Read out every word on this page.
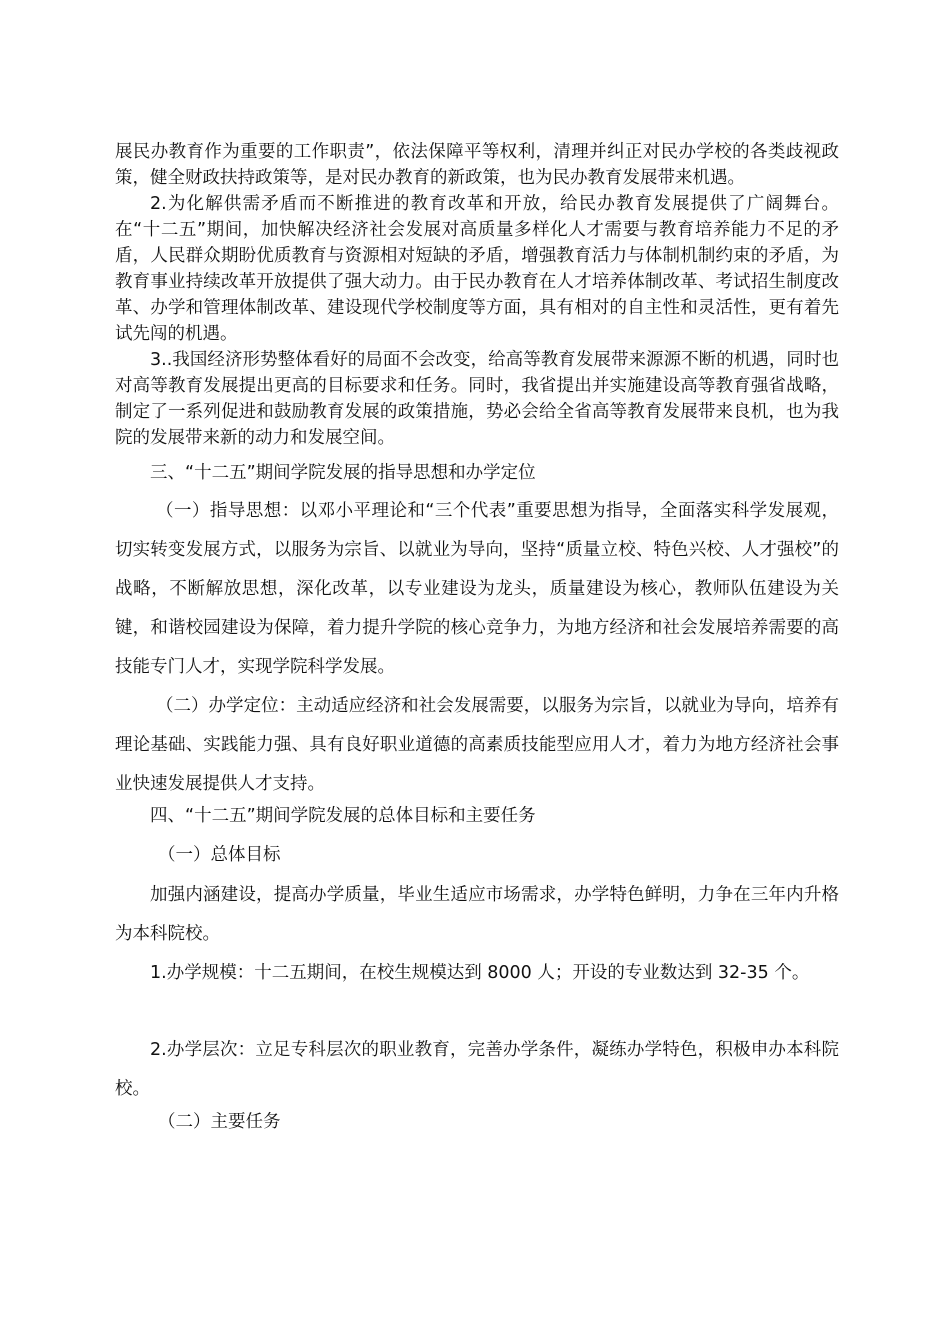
展民办教育作为重要的工作职责”，依法保障平等权利，清理并纠正对民办学校的各类歧视政策，健全财政扶持政策等，是对民办教育的新政策，也为民办教育发展带来机遇。

2.为化解供需矛盾而不断推进的教育改革和开放，给民办教育发展提供了广阔舞台。在“十二五”期间，加快解决经济社会发展对高质量多样化人才需要与教育培养能力不足的矛盾，人民群众期盼优质教育与资源相对短缺的矛盾，增强教育活力与体制机制约束的矛盾，为教育事业持续改革开放提供了强大动力。由于民办教育在人才培养体制改革、考试招生制度改革、办学和管理体制改革、建设现代学校制度等方面，具有相对的自主性和灵活性，更有着先试先闯的机遇。

3..我国经济形势整体看好的局面不会改变，给高等教育发展带来源源不断的机遇，同时也对高等教育发展提出更高的目标要求和任务。同时，我省提出并实施建设高等教育强省战略，制定了一系列促进和鼓励教育发展的政策措施，势必会给全省高等教育发展带来良机，也为我院的发展带来新的动力和发展空间。

三、“十二五”期间学院发展的指导思想和办学定位
（一）指导思想：以邓小平理论和“三个代表”重要思想为指导，全面落实科学发展观，切实转变发展方式，以服务为宗旨、以就业为导向，坚持“质量立校、特色兴校、人才强校”的战略，不断解放思想，深化改革，以专业建设为龙头，质量建设为核心，教师队伍建设为关键，和谐校园建设为保障，着力提升学院的核心竞争力，为地方经济和社会发展培养需要的高技能专门人才，实现学院科学发展。
（二）办学定位：主动适应经济和社会发展需要，以服务为宗旨，以就业为导向，培养有理论基础、实践能力强、具有良好职业道德的高素质技能型应用人才，着力为地方经济社会事业快速发展提供人才支持。
四、“十二五”期间学院发展的总体目标和主要任务
（一）总体目标
加强内涵建设，提高办学质量，毕业生适应市场需求，办学特色鲜明，力争在三年内升格为本科院校。
1.办学规模：十二五期间，在校生规模达到 8000 人；开设的专业数达到 32-35 个。
2.办学层次：立足专科层次的职业教育，完善办学条件，凝练办学特色，积极申办本科院校。
（二）主要任务
